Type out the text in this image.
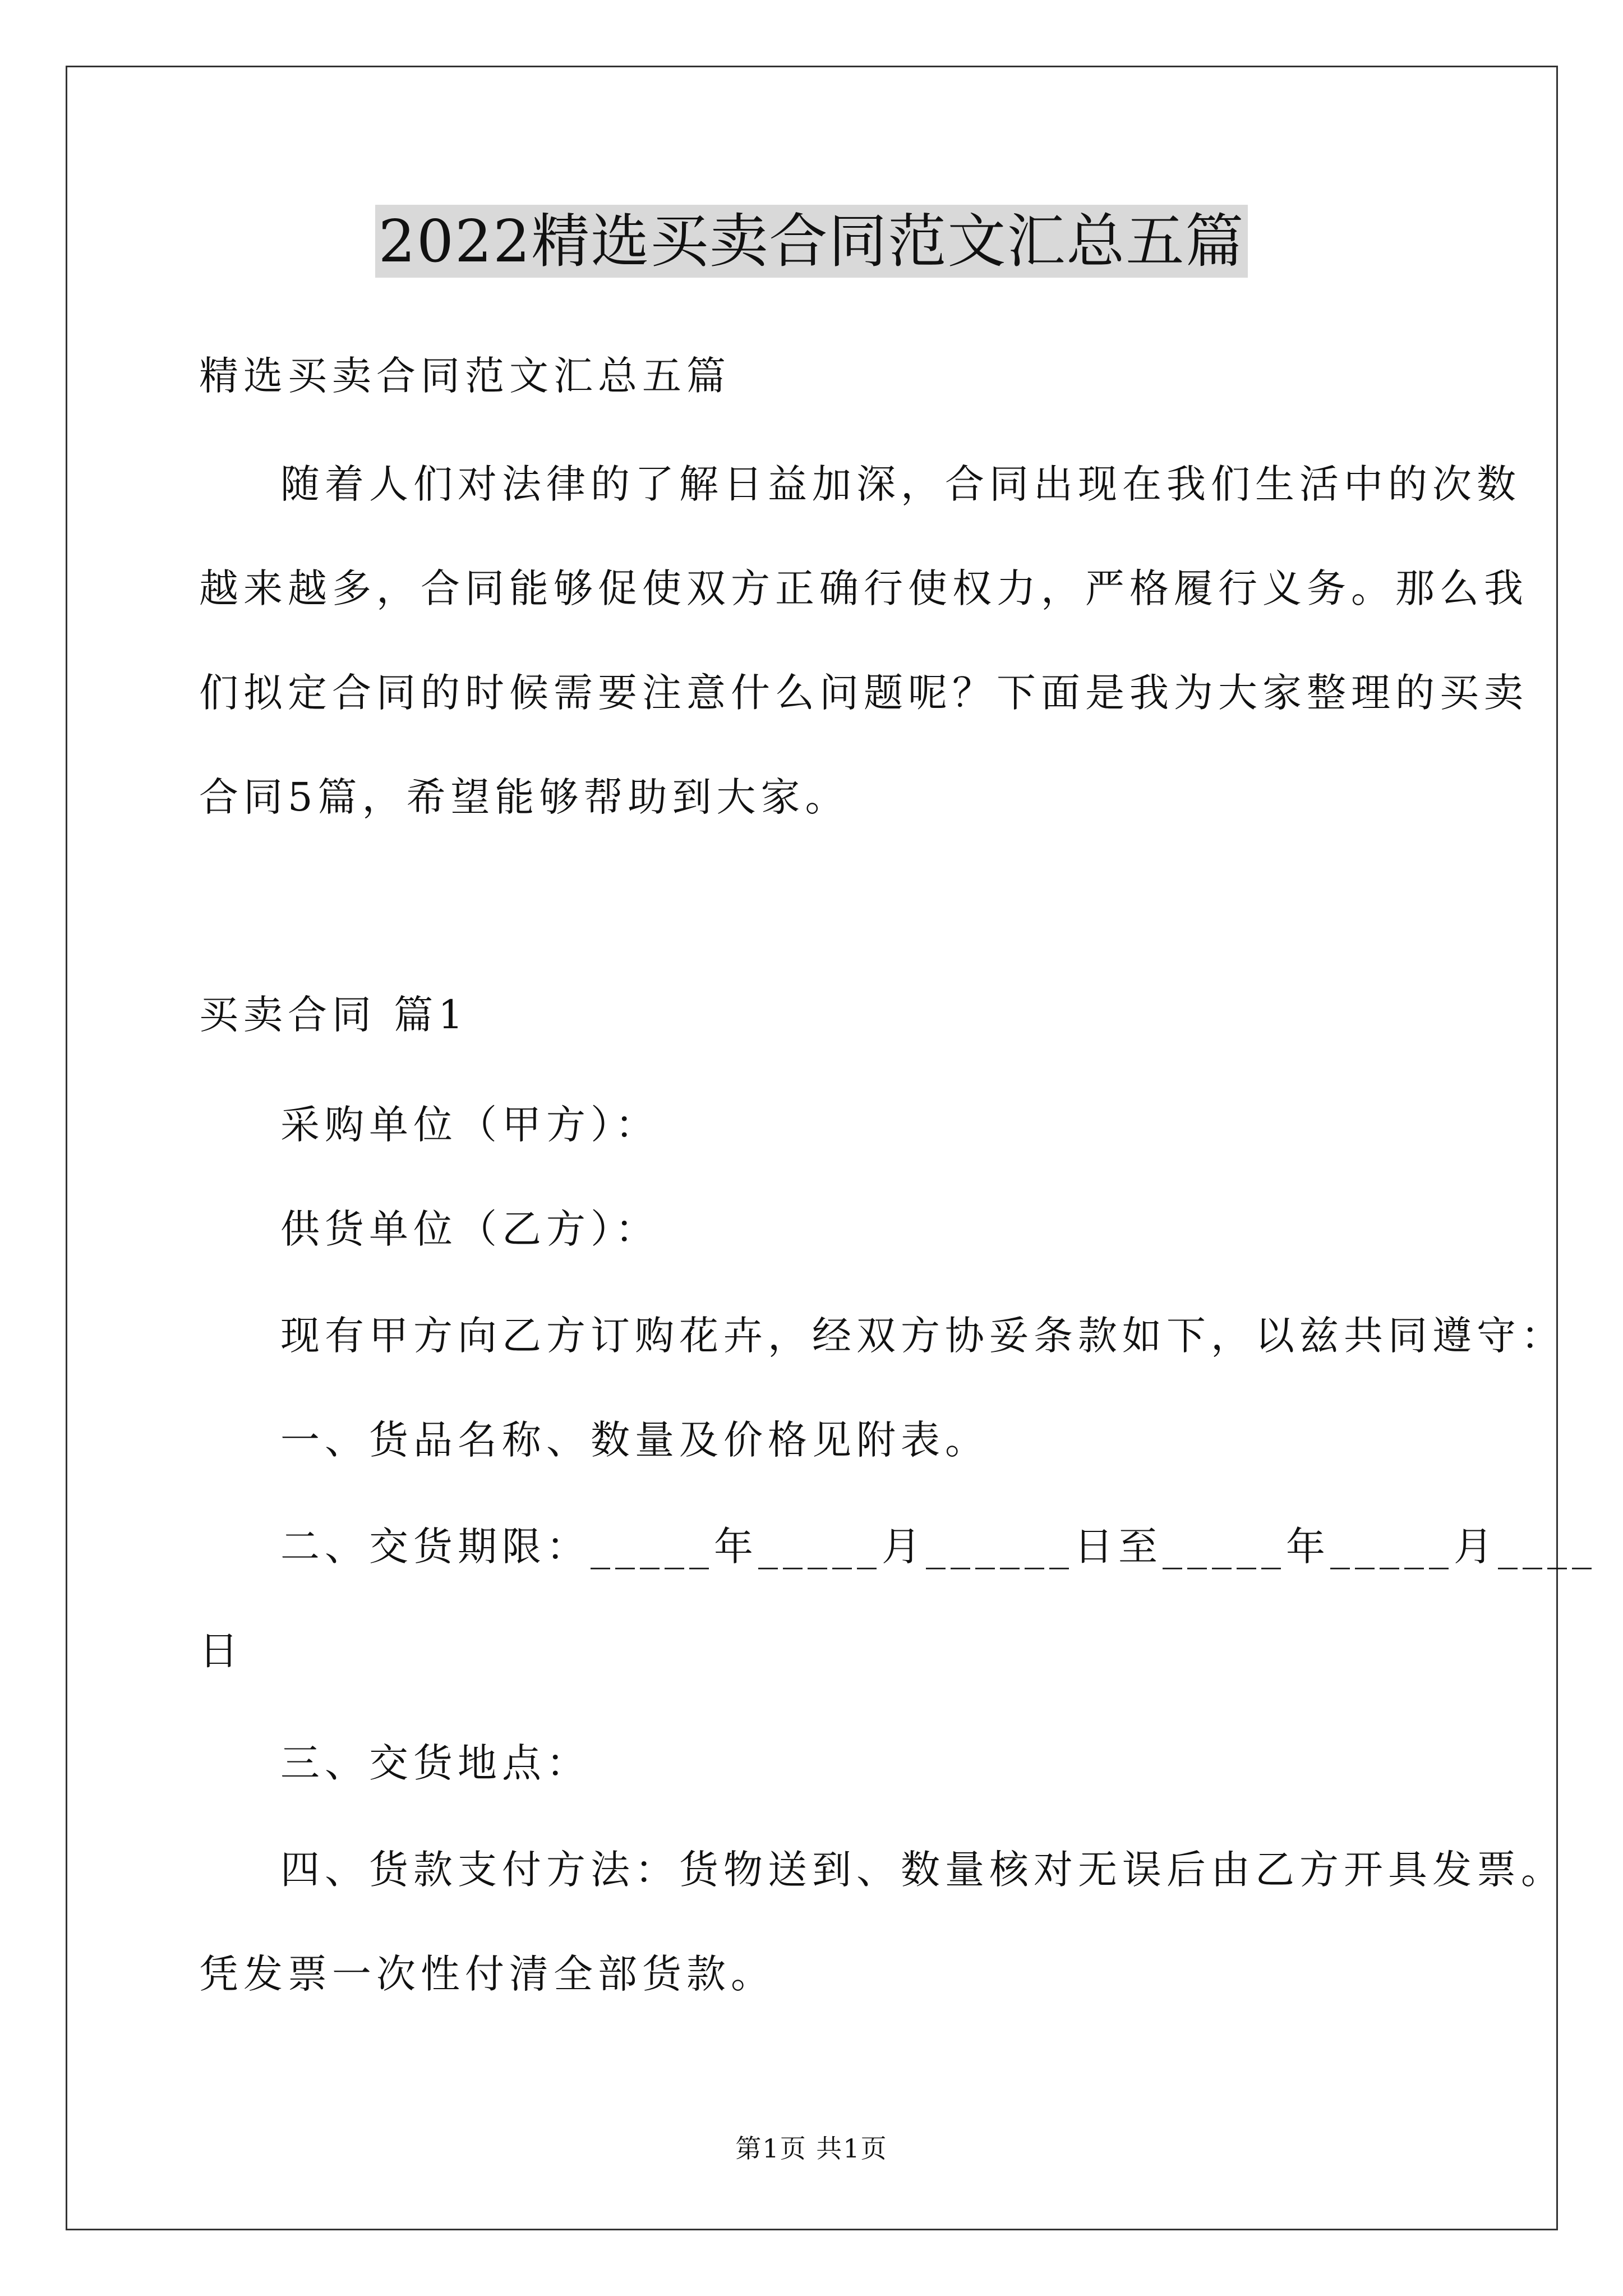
2022精选买卖合同范文汇总五篇
精选买卖合同范文汇总五篇
随着人们对法律的了解日益加深，合同出现在我们生活中的次数
越来越多，合同能够促使双方正确行使权力，严格履行义务。那么我
们拟定合同的时候需要注意什么问题呢？下面是我为大家整理的买卖
合同5篇，希望能够帮助到大家。
买卖合同 篇1
采购单位（甲方）：
供货单位（乙方）：
现有甲方向乙方订购花卉，经双方协妥条款如下，以兹共同遵守：
一、货品名称、数量及价格见附表。
二、交货期限：_____年_____月______日至_____年_____月____
日
三、交货地点：
四、货款支付方法：货物送到、数量核对无误后由乙方开具发票。
凭发票一次性付清全部货款。
第1页 共1页
